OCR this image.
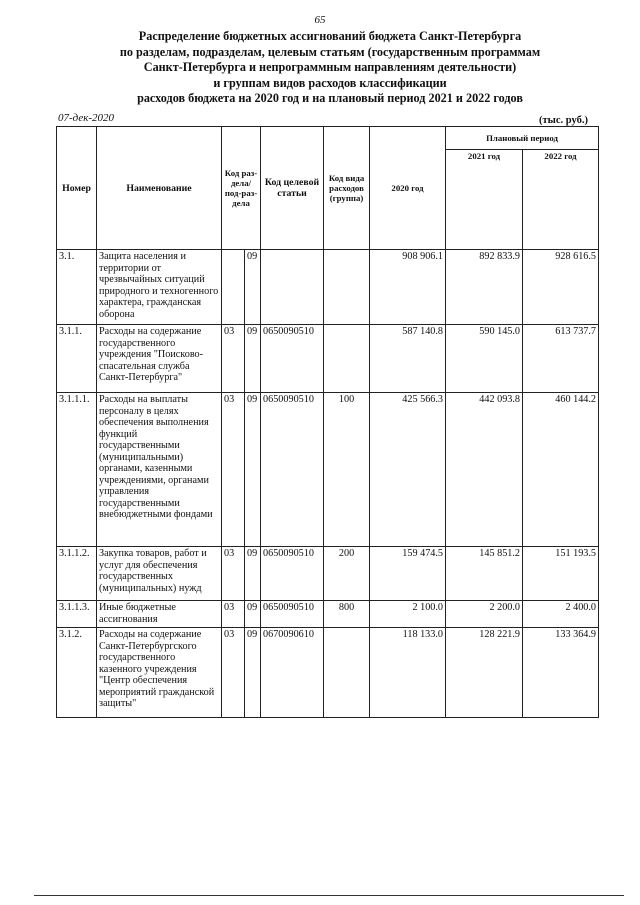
65
Распределение бюджетных ассигнований бюджета Санкт-Петербурга
по разделам, подразделам, целевым статьям (государственным программам
Санкт-Петербурга и непрограммным направлениям деятельности)
и группам видов расходов классификации
расходов бюджета на 2020 год и на плановый период 2021 и 2022 годов
07-дек-2020	(тыс. руб.)
Номер	Наименование	Код раз-дела/ под-раз-дела		Код целевой статьи	Код вида расходов (группа)	2020 год	Плановый период	
							2021 год	2022 год
3.1.	Защита населения и территории от чрезвычайных ситуаций природного и техногенного характера, гражданская оборона		09			908 906.1	892 833.9	928 616.5
3.1.1.	Расходы на содержание государственного учреждения "Поисково-спасательная служба Санкт-Петербурга"	03	09	0650090510		587 140.8	590 145.0	613 737.7
3.1.1.1.	Расходы на выплаты персоналу в целях обеспечения выполнения функций государственными (муниципальными) органами, казенными учреждениями, органами управления государственными внебюджетными фондами	03	09	0650090510	100	425 566.3	442 093.8	460 144.2
3.1.1.2.	Закупка товаров, работ и услуг для обеспечения государственных (муниципальных) нужд	03	09	0650090510	200	159 474.5	145 851.2	151 193.5
3.1.1.3.	Иные бюджетные ассигнования	03	09	0650090510	800	2 100.0	2 200.0	2 400.0
3.1.2.	Расходы на содержание Санкт-Петербургского государственного казенного учреждения "Центр обеспечения мероприятий гражданской защиты"	03	09	0670090610		118 133.0	128 221.9	133 364.9
